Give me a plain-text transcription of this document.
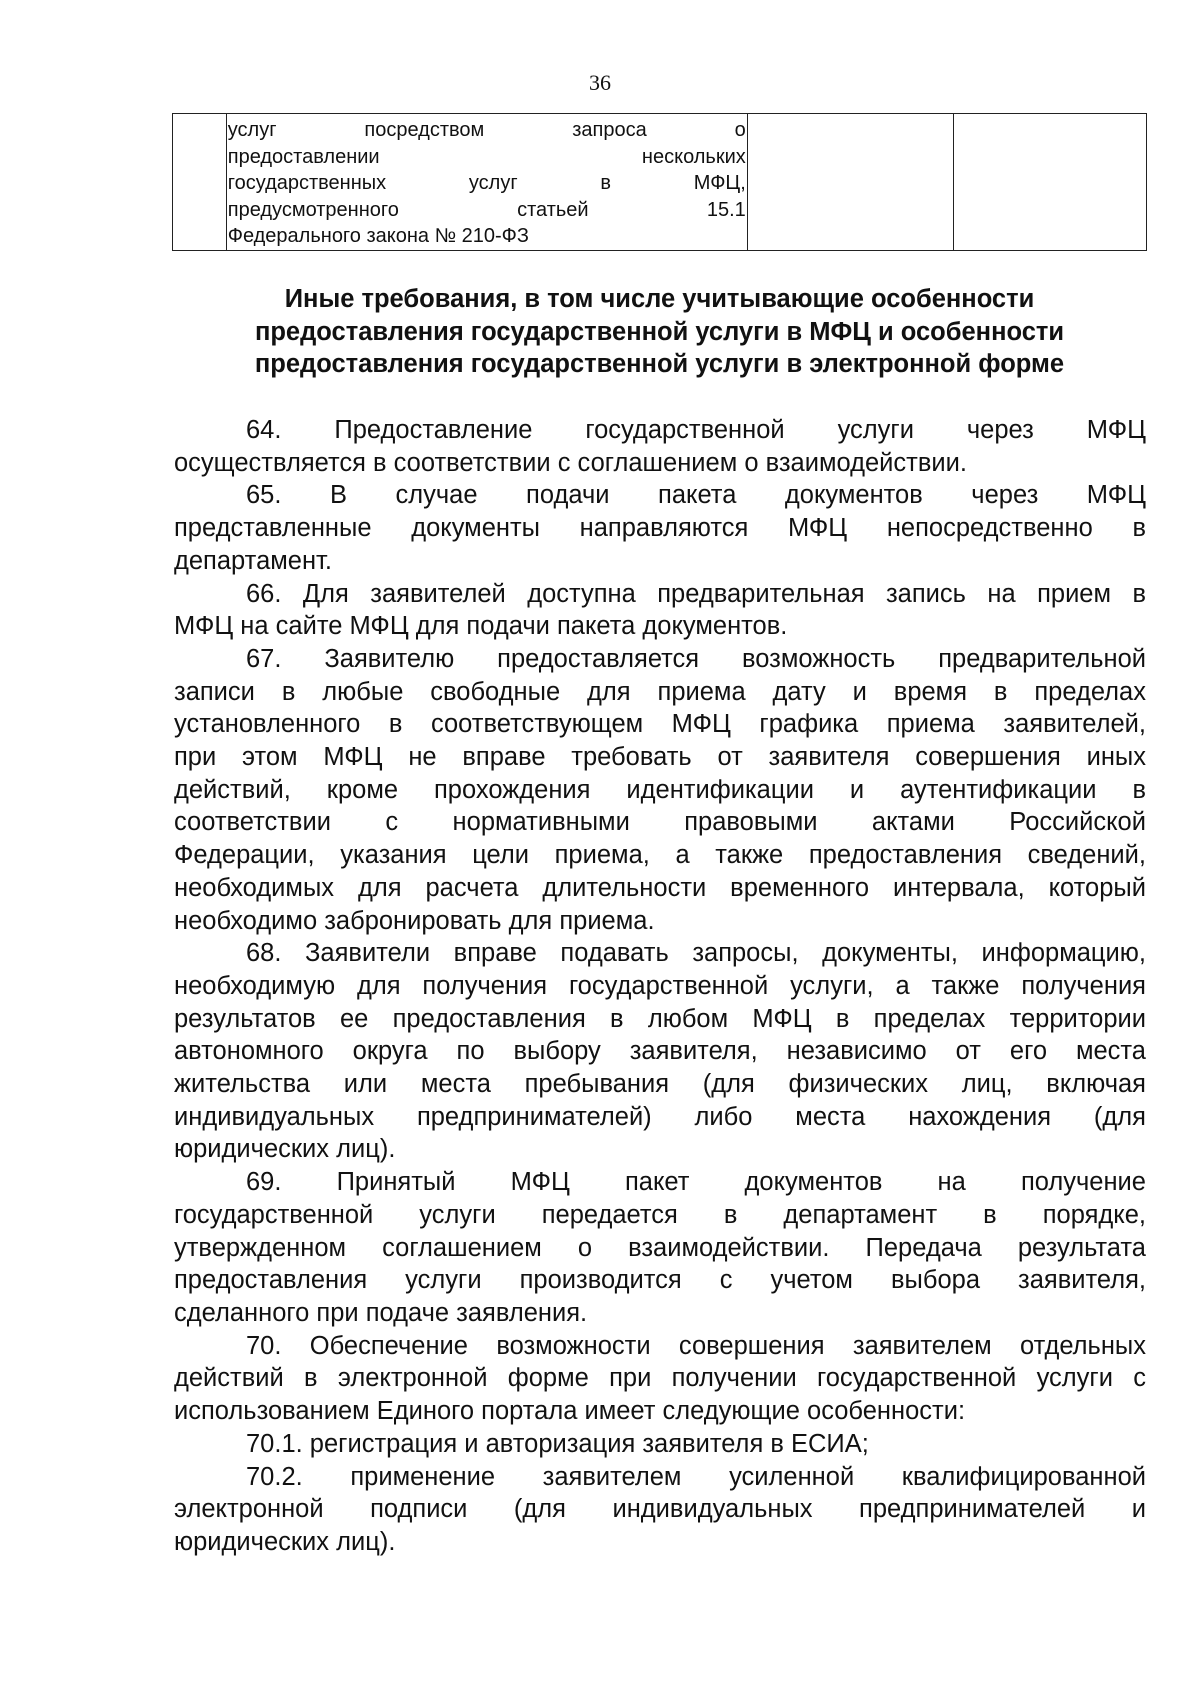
36

услуг посредством запроса о
предоставлении нескольких
государственных услуг в МФЦ,
предусмотренного статьей 15.1
Федерального закона № 210-ФЗ

Иные требования, в том числе учитывающие особенности
предоставления государственной услуги в МФЦ и особенности
предоставления государственной услуги в электронной форме
64. Предоставление государственной услуги через МФЦ
осуществляется в соответствии с соглашением о взаимодействии.
65. В случае подачи пакета документов через МФЦ
представленные документы направляются МФЦ непосредственно в
департамент.
66. Для заявителей доступна предварительная запись на прием в
МФЦ на сайте МФЦ для подачи пакета документов.
67. Заявителю предоставляется возможность предварительной
записи в любые свободные для приема дату и время в пределах
установленного в соответствующем МФЦ графика приема заявителей,
при этом МФЦ не вправе требовать от заявителя совершения иных
действий, кроме прохождения идентификации и аутентификации в
соответствии с нормативными правовыми актами Российской
Федерации, указания цели приема, а также предоставления сведений,
необходимых для расчета длительности временного интервала, который
необходимо забронировать для приема.
68. Заявители вправе подавать запросы, документы, информацию,
необходимую для получения государственной услуги, а также получения
результатов ее предоставления в любом МФЦ в пределах территории
автономного округа по выбору заявителя, независимо от его места
жительства или места пребывания (для физических лиц, включая
индивидуальных предпринимателей) либо места нахождения (для
юридических лиц).
69. Принятый МФЦ пакет документов на получение
государственной услуги передается в департамент в порядке,
утвержденном соглашением о взаимодействии. Передача результата
предоставления услуги производится с учетом выбора заявителя,
сделанного при подаче заявления.
70. Обеспечение возможности совершения заявителем отдельных
действий в электронной форме при получении государственной услуги с
использованием Единого портала имеет следующие особенности:
70.1. регистрация и авторизация заявителя в ЕСИА;
70.2. применение заявителем усиленной квалифицированной
электронной подписи (для индивидуальных предпринимателей и
юридических лиц).
